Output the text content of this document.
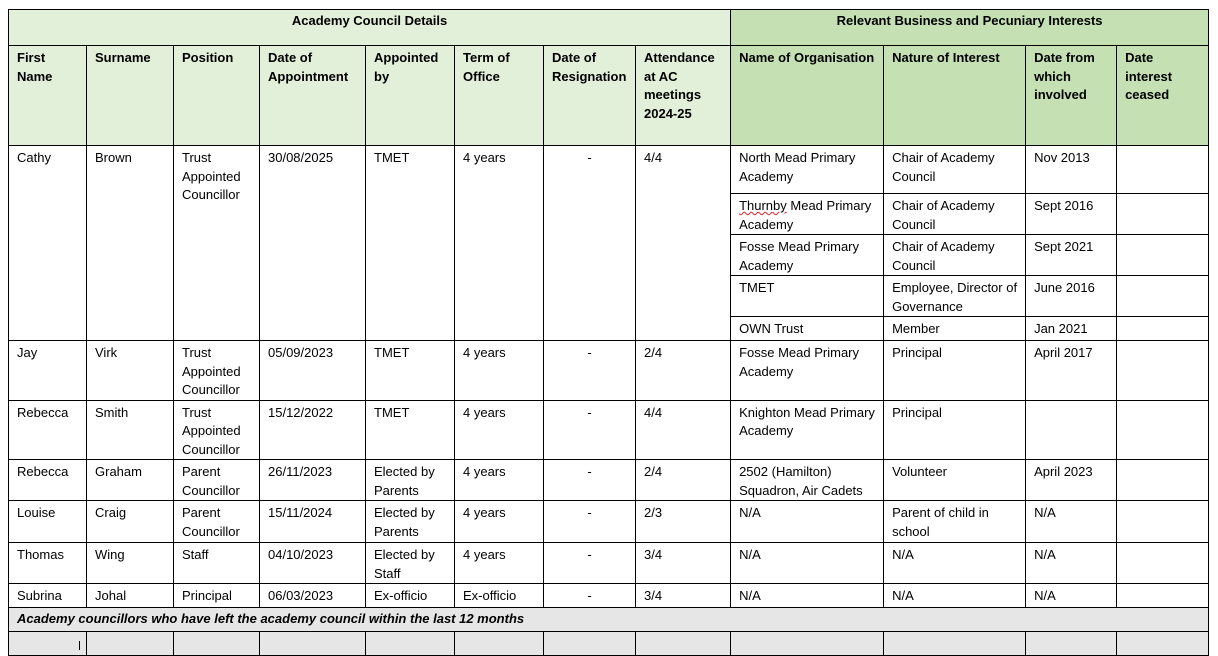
Academy Council Details								Relevant Business and Pecuniary Interests			
First Name	Surname	Position	Date of Appointment	Appointed by	Term of Office	Date of Resignation	Attendance at AC meetings 2024-25	Name of Organisation	Nature of Interest	Date from which involved	Date interest ceased
Cathy	Brown	Trust Appointed Councillor	30/08/2025	TMET	4 years	-	4/4	North Mead Primary Academy	Chair of Academy Council	Nov 2013	
								Thurnby Mead Primary Academy	Chair of Academy Council	Sept 2016	
								Fosse Mead Primary Academy	Chair of Academy Council	Sept 2021	
								TMET	Employee, Director of Governance	June 2016	
								OWN Trust	Member	Jan 2021	
Jay	Virk	Trust Appointed Councillor	05/09/2023	TMET	4 years	-	2/4	Fosse Mead Primary Academy	Principal	April 2017	
Rebecca	Smith	Trust Appointed Councillor	15/12/2022	TMET	4 years	-	4/4	Knighton Mead Primary Academy	Principal		
Rebecca	Graham	Parent Councillor	26/11/2023	Elected by Parents	4 years	-	2/4	2502 (Hamilton) Squadron, Air Cadets	Volunteer	April 2023	
Louise	Craig	Parent Councillor	15/11/2024	Elected by Parents	4 years	-	2/3	N/A	Parent of child in school	N/A	
Thomas	Wing	Staff	04/10/2023	Elected by Staff	4 years	-	3/4	N/A	N/A	N/A	
Subrina	Johal	Principal	06/03/2023	Ex-officio	Ex-officio	-	3/4	N/A	N/A	N/A	
Academy councillors who have left the academy council within the last 12 months											
